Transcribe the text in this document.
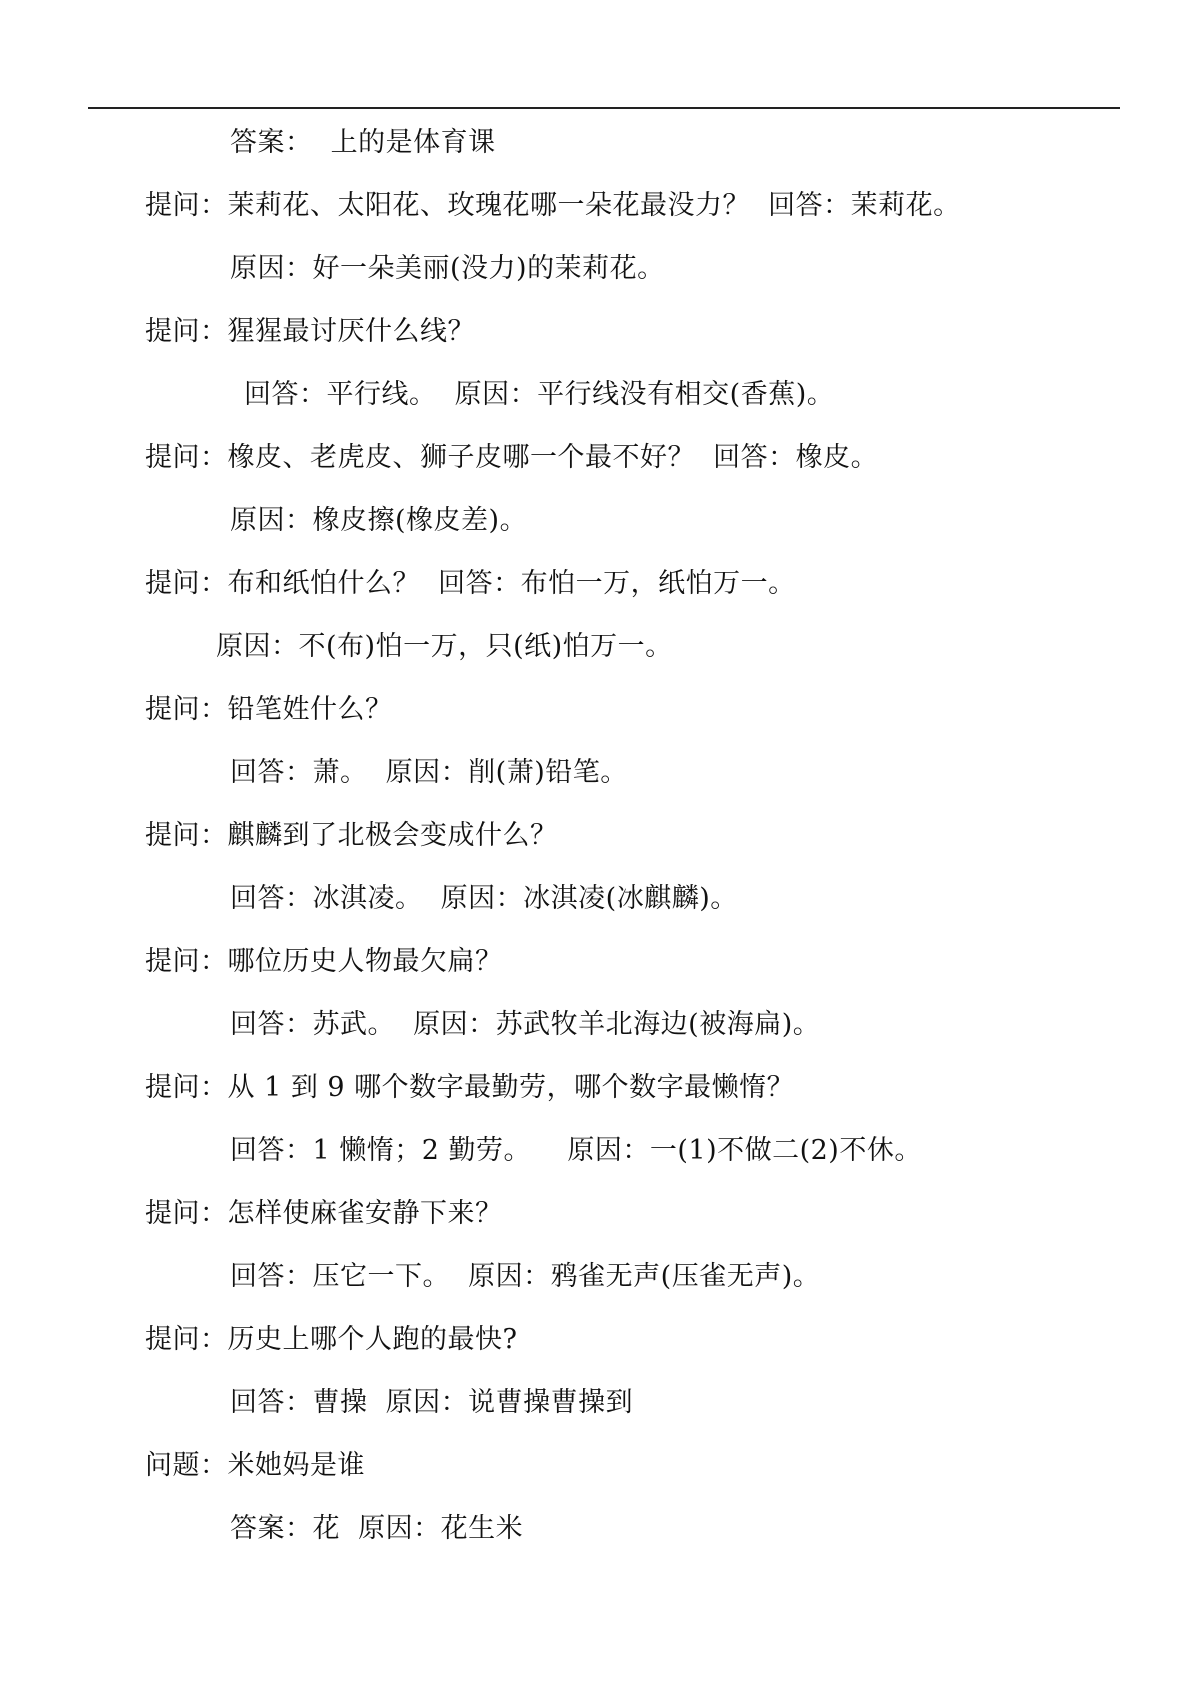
答案：  上的是体育课
提问：茉莉花、太阳花、玫瑰花哪一朵花最没力？  回答：茉莉花。
原因：好一朵美丽(没力)的茉莉花。
提问：猩猩最讨厌什么线？
回答：平行线。  原因：平行线没有相交(香蕉)。
提问：橡皮、老虎皮、狮子皮哪一个最不好？  回答：橡皮。
原因：橡皮擦(橡皮差)。
提问：布和纸怕什么？  回答：布怕一万，纸怕万一。
原因：不(布)怕一万，只(纸)怕万一。
提问：铅笔姓什么？
回答：萧。  原因：削(萧)铅笔。
提问：麒麟到了北极会变成什么？
回答：冰淇凌。  原因：冰淇凌(冰麒麟)。
提问：哪位历史人物最欠扁？
回答：苏武。  原因：苏武牧羊北海边(被海扁)。
提问：从 1 到 9 哪个数字最勤劳，哪个数字最懒惰？
回答：1 懒惰；2 勤劳。    原因：一(1)不做二(2)不休。
提问：怎样使麻雀安静下来？
回答：压它一下。  原因：鸦雀无声(压雀无声)。
提问：历史上哪个人跑的最快?
回答：曹操  原因：说曹操曹操到
问题：米她妈是谁
答案：花  原因：花生米
